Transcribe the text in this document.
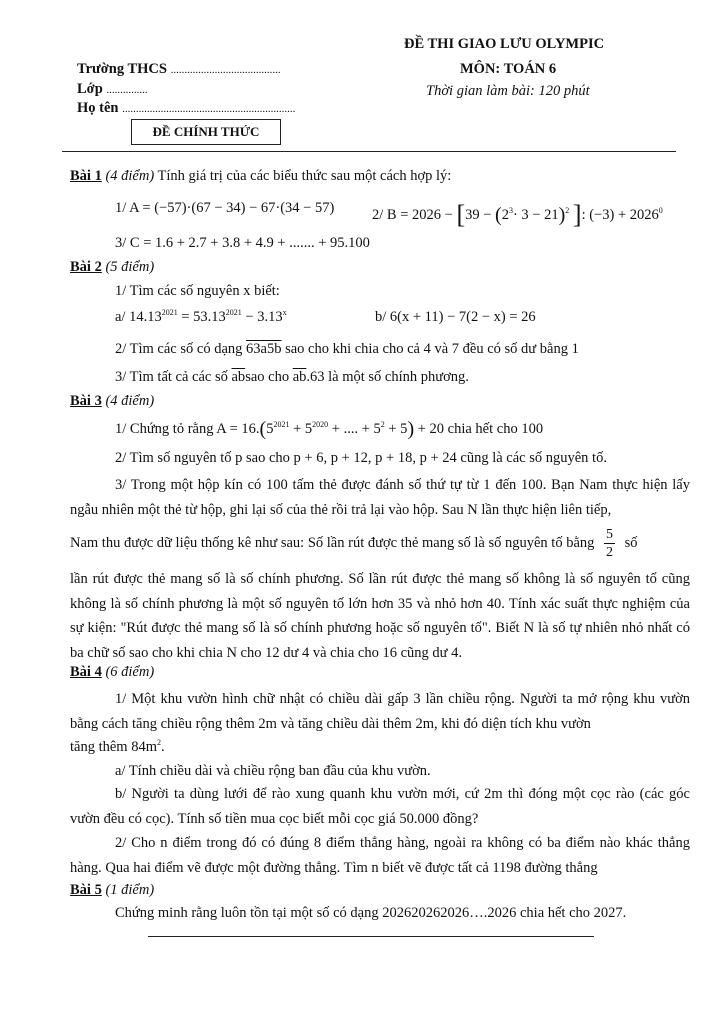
ĐỀ THI GIAO LƯU OLYMPIC
MÔN: TOÁN 6
Thời gian làm bài: 120 phút
Trường THCS ........................................
Lớp ...............
Họ tên ...............................................................
ĐỀ CHÍNH THỨC
Bài 1 (4 điểm) Tính giá trị của các biểu thức sau một cách hợp lý:
1/ A = (−57)·(67 − 34) − 67·(34 − 57)	2/ $B = 2026 - [39 - (2^3\cdot 3 - 21)^2$ ]: $(-3) + 2026^0$
3/ C = 1.6 + 2.7 + 3.8 + 4.9 + ....... + 95.100
Bài 2 (5 điểm)
1/ Tìm các số nguyên x biết:
a/ $14.13^{2021} = 53.13^{2021} - 3.13^x$	b/ 6(x + 11) − 7(2 − x) = 26
2/ Tìm các số có dạng 63a5b sao cho khi chia cho cả 4 và 7 đều có số dư bằng 1
3/ Tìm tất cả các số $\overline{ab}sao$ cho $\overline{ab}.63$ là một số chính phương.
Bài 3 (4 điểm)
1/ Chứng tỏ rằng $A = 16.(5^{2021} + 5^{2020}$ + .... + $5^2 + 5) + 20$ chia hết cho 100
2/ Tìm số nguyên tố p sao cho p + 6, p + 12, p + 18, p + 24 cũng là các số nguyên tố.
3/ Trong một hộp kín có 100 tấm thẻ được đánh số thứ tự từ 1 đến 100. Bạn Nam thực hiện lấy ngẫu nhiên một thẻ từ hộp, ghi lại số của thẻ rồi trả lại vào hộp. Sau N lần thực hiện liên tiếp,
Nam thu được dữ liệu thống kê như sau: Số lần rút được thẻ mang số là số nguyên tố bằng $\frac{5}{2}$ số
lần rút được thẻ mang số là số chính phương. Số lần rút được thẻ mang số không là số nguyên tố cũng không là số chính phương là một số nguyên tố lớn hơn 35 và nhỏ hơn 40. Tính xác suất thực nghiệm của sự kiện: "Rút được thẻ mang số là số chính phương hoặc số nguyên tố". Biết N là số tự nhiên nhỏ nhất có ba chữ số sao cho khi chia N cho 12 dư 4 và chia cho 16 cũng dư 4.
Bài 4 (6 điểm)
1/ Một khu vườn hình chữ nhật có chiều dài gấp 3 lần chiều rộng. Người ta mở rộng khu vườn bằng cách tăng chiều rộng thêm 2m và tăng chiều dài thêm 2m, khi đó diện tích khu vườn
tăng thêm $84m^2$.
a/ Tính chiều dài và chiều rộng ban đầu của khu vườn.
b/ Người ta dùng lưới để rào xung quanh khu vườn mới, cứ 2m thì đóng một cọc rào (các góc vườn đều có cọc). Tính số tiền mua cọc biết mỗi cọc giá 50.000 đồng?
2/ Cho n điểm trong đó có đúng 8 điểm thẳng hàng, ngoài ra không có ba điểm nào khác thẳng hàng. Qua hai điểm vẽ được một đường thẳng. Tìm n biết vẽ được tất cả 1198 đường thẳng
Bài 5 (1 điểm)
Chứng minh rằng luôn tồn tại một số có dạng 202620262026….2026 chia hết cho 2027.
